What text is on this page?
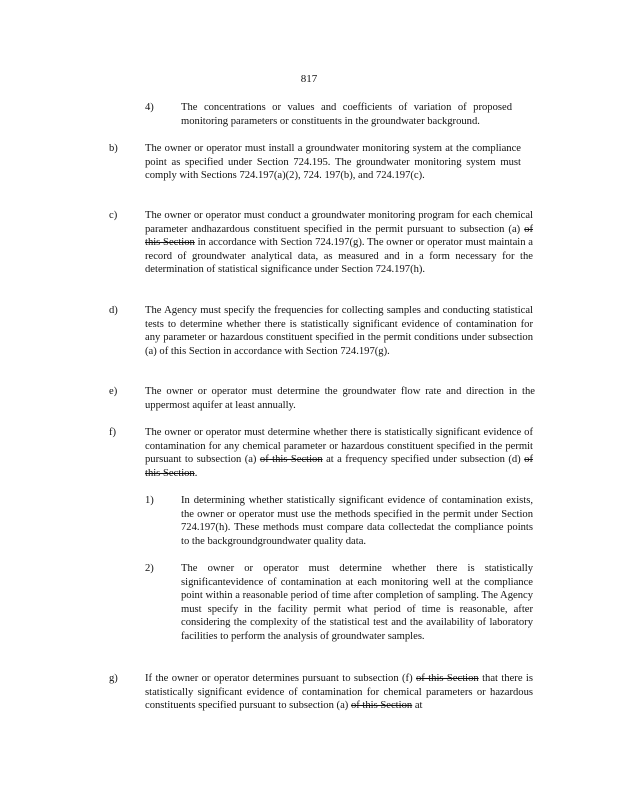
817
4)	The concentrations or values and coefficients of variation of proposed monitoring parameters or constituents in the groundwater background.
b)	The owner or operator must install a groundwater monitoring system at the compliance point as specified under Section 724.195. The groundwater monitoring system must comply with Sections 724.197(a)(2), 724. 197(b), and 724.197(c).
c)	The owner or operator must conduct a groundwater monitoring program for each chemical parameter andhazardous constituent specified in the permit pursuant to subsection (a) of this Section in accordance with Section 724.197(g). The owner or operator must maintain a record of groundwater analytical data, as measured and in a form necessary for the determination of statistical significance under Section 724.197(h).
d)	The Agency must specify the frequencies for collecting samples and conducting statistical tests to determine whether there is statistically significant evidence of contamination for any parameter or hazardous constituent specified in the permit conditions under subsection (a) of this Section in accordance with Section 724.197(g).
e)	The owner or operator must determine the groundwater flow rate and direction in the uppermost aquifer at least annually.
f)	The owner or operator must determine whether there is statistically significant evidence of contamination for any chemical parameter or hazardous constituent specified in the permit pursuant to subsection (a) of this Section at a frequency specified under subsection (d) of this Section.
1)	In determining whether statistically significant evidence of contamination exists, the owner or operator must use the methods specified in the permit under Section 724.197(h). These methods must compare data collectedat the compliance points to the backgroundgroundwater quality data.
2)	The owner or operator must determine whether there is statistically significantevidence of contamination at each monitoring well at the compliance point within a reasonable period of time after completion of sampling. The Agency must specify in the facility permit what period of time is reasonable, after considering the complexity of the statistical test and the availability of laboratory facilities to perform the analysis of groundwater samples.
g)	If the owner or operator determines pursuant to subsection (f) of this Section that there is statistically significant evidence of contamination for chemical parameters or hazardous constituents specified pursuant to subsection (a) of this Section at
